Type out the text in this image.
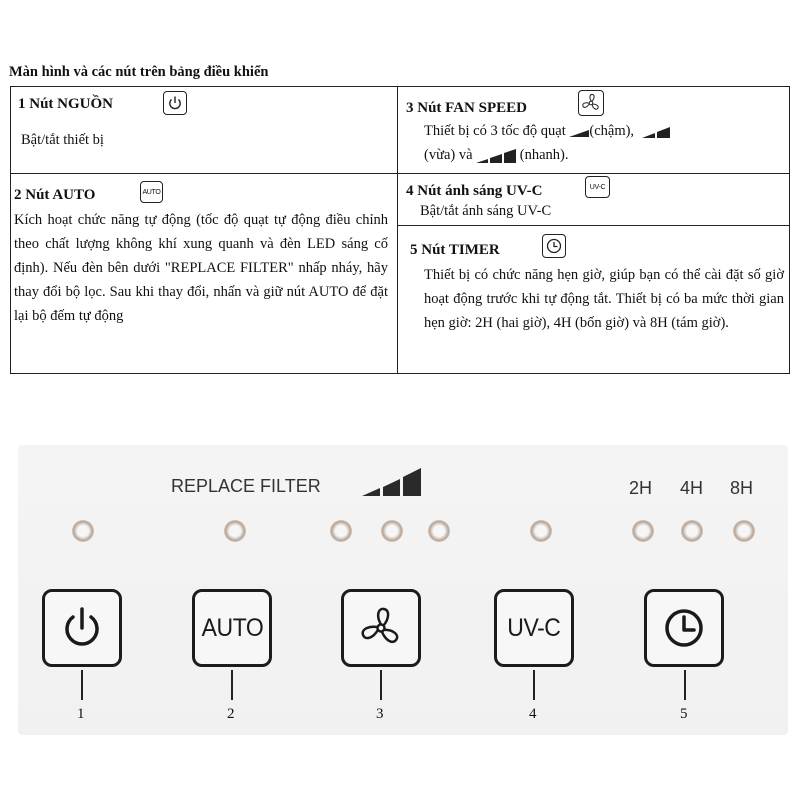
Màn hình và các nút trên bảng điều khiển
1 Nút NGUỒN
Bật/tắt thiết bị
2 Nút AUTO	AUTO
Kích hoạt chức năng tự động (tốc độ quạt tự động điều chỉnh theo chất lượng không khí xung quanh và đèn LED sáng cố định). Nếu đèn bên dưới "REPLACE FILTER" nhấp nháy, hãy thay đổi bộ lọc. Sau khi thay đổi, nhấn và giữ nút AUTO để đặt lại bộ đếm tự động
3 Nút FAN SPEED
Thiết bị có 3 tốc độ quạt (chậm),
(vừa) và	(nhanh).
4 Nút ánh sáng UV-C	UV-C
Bật/tắt ánh sáng UV-C
5 Nút TIMER
Thiết bị có chức năng hẹn giờ, giúp bạn có thể cài đặt số giờ hoạt động trước khi tự động tắt. Thiết bị có ba mức thời gian hẹn giờ: 2H (hai giờ), 4H (bốn giờ) và 8H (tám giờ).
REPLACE FILTER	2H 4H 8H
AUTO	UV-C
1	2	3	4	5
